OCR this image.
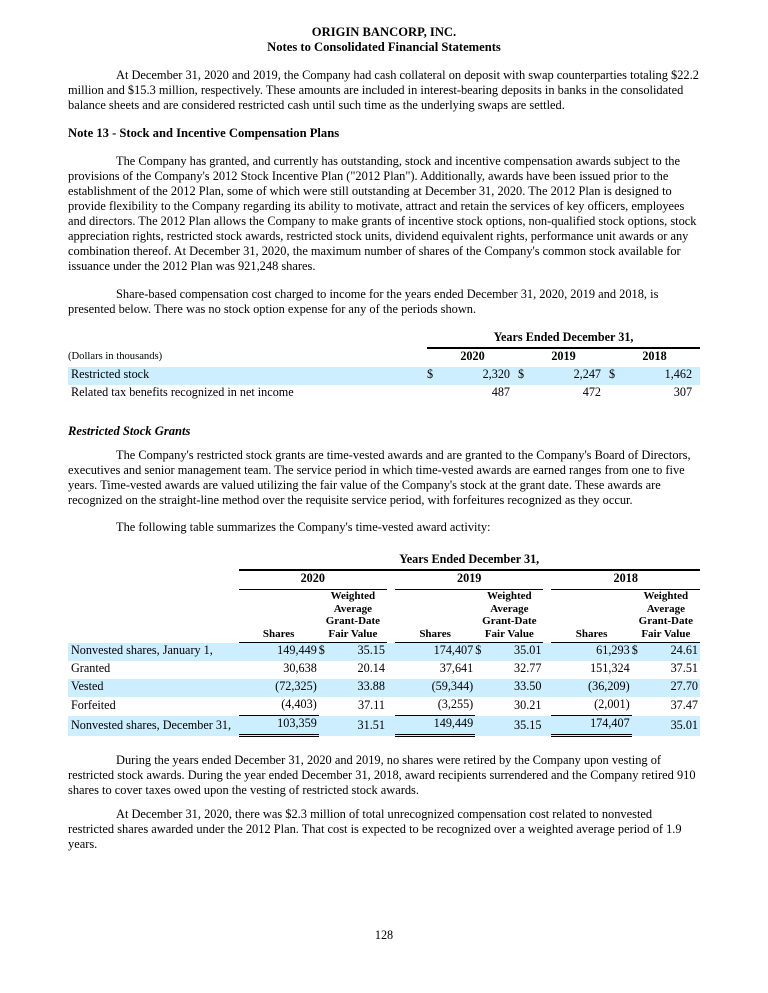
ORIGIN BANCORP, INC.
Notes to Consolidated Financial Statements

At December 31, 2020 and 2019, the Company had cash collateral on deposit with swap counterparties totaling $22.2 million and $15.3 million, respectively. These amounts are included in interest-bearing deposits in banks in the consolidated balance sheets and are considered restricted cash until such time as the underlying swaps are settled.

Note 13 - Stock and Incentive Compensation Plans

The Company has granted, and currently has outstanding, stock and incentive compensation awards subject to the provisions of the Company's 2012 Stock Incentive Plan ("2012 Plan"). Additionally, awards have been issued prior to the establishment of the 2012 Plan, some of which were still outstanding at December 31, 2020. The 2012 Plan is designed to provide flexibility to the Company regarding its ability to motivate, attract and retain the services of key officers, employees and directors. The 2012 Plan allows the Company to make grants of incentive stock options, non-qualified stock options, stock appreciation rights, restricted stock awards, restricted stock units, dividend equivalent rights, performance unit awards or any combination thereof. At December 31, 2020, the maximum number of shares of the Company's common stock available for issuance under the 2012 Plan was 921,248 shares.

Share-based compensation cost charged to income for the years ended December 31, 2020, 2019 and 2018, is presented below. There was no stock option expense for any of the periods shown.

	Years Ended December 31,					
(Dollars in thousands)	2020		2019		2018	
Restricted stock	$	2,320	$	2,247	$	1,462
Related tax benefits recognized in net income		487		472		307
Restricted Stock Grants

The Company's restricted stock grants are time-vested awards and are granted to the Company's Board of Directors, executives and senior management team. The service period in which time-vested awards are earned ranges from one to five years. Time-vested awards are valued utilizing the fair value of the Company's stock at the grant date. These awards are recognized on the straight-line method over the requisite service period, with forfeitures recognized as they occur.

The following table summarizes the Company's time-vested award activity:

	Years Ended December 31,										
	2020				2019				2018		

Shares

Weighted
Average
Grant-Date
Fair Value		Shares

Weighted
Average
Grant-Date
Fair Value		Shares

Weighted
Average
Grant-Date
Fair Value

Nonvested shares, January 1,	149,449	$	35.15		174,407	$	35.01		61,293	$	24.61
Granted	30,638		20.14		37,641		32.77		151,324		37.51
Vested	(72,325)		33.88		(59,344)		33.50		(36,209)		27.70
Forfeited	(4,403)		37.11		(3,255)		30.21		(2,001)		37.47
Nonvested shares, December 31,	103,359		31.51		149,449		35.15		174,407		35.01

During the years ended December 31, 2020 and 2019, no shares were retired by the Company upon vesting of restricted stock awards. During the year ended December 31, 2018, award recipients surrendered and the Company retired 910 shares to cover taxes owed upon the vesting of restricted stock awards.

At December 31, 2020, there was $2.3 million of total unrecognized compensation cost related to nonvested restricted shares awarded under the 2012 Plan. That cost is expected to be recognized over a weighted average period of 1.9 years.

128
